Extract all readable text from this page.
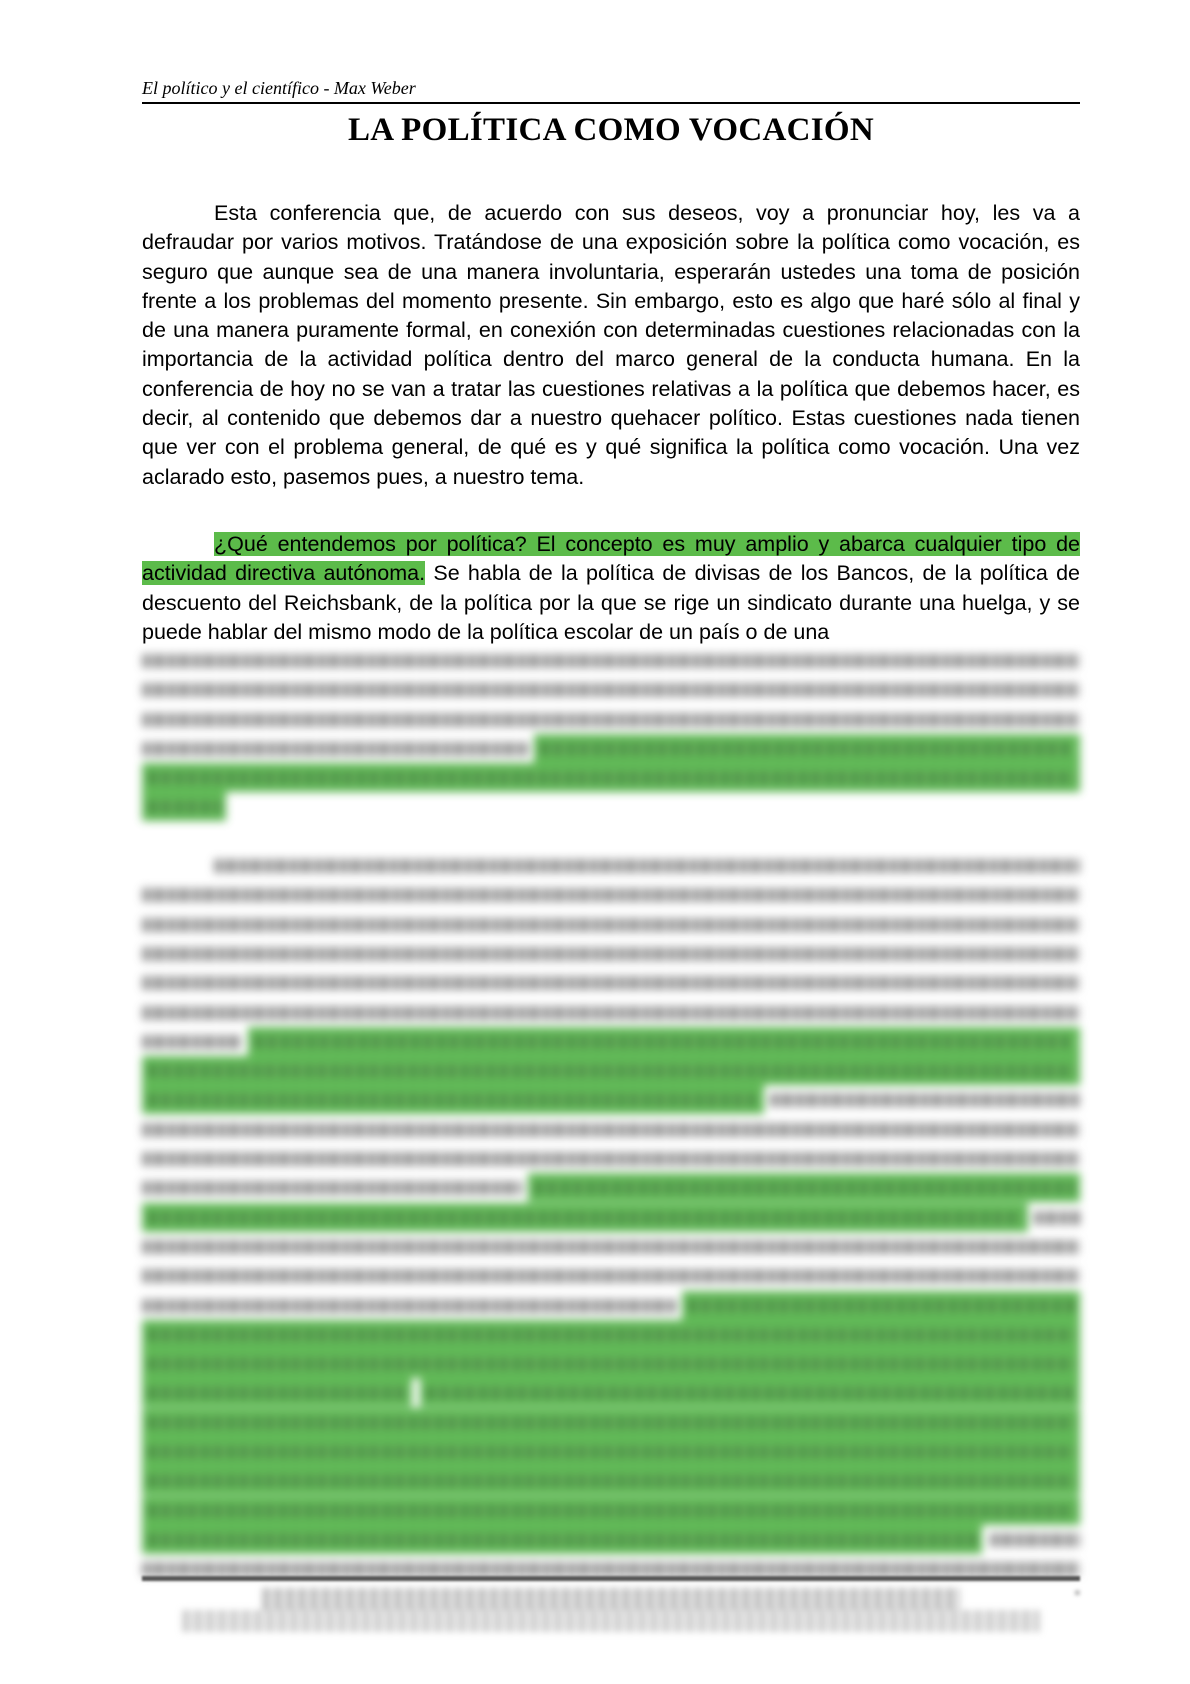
El político y el científico - Max Weber
LA POLÍTICA COMO VOCACIÓN

Esta conferencia que, de acuerdo con sus deseos, voy a pronunciar hoy, les va a defraudar por varios motivos. Tratándose de una exposición sobre la política como vocación, es seguro que aunque sea de una manera involuntaria, esperarán ustedes una toma de posición frente a los problemas del momento presente. Sin embargo, esto es algo que haré sólo al final y de una manera puramente formal, en conexión con determinadas cuestiones relacionadas con la importancia de la actividad política dentro del marco general de la conducta humana. En la conferencia de hoy no se van a tratar las cuestiones relativas a la política que debemos hacer, es decir, al contenido que debemos dar a nuestro quehacer político. Estas cuestiones nada tienen que ver con el problema general, de qué es y qué significa la política como vocación. Una vez aclarado esto, pasemos pues, a nuestro tema.

¿Qué entendemos por política? El concepto es muy amplio y abarca cualquier tipo de actividad directiva autónoma. Se habla de la política de divisas de los Bancos, de la política de descuento del Reichsbank, de la política por la que se rige un sindicato durante una huelga, y se puede hablar del mismo modo de la política escolar de un país o de una

▪
